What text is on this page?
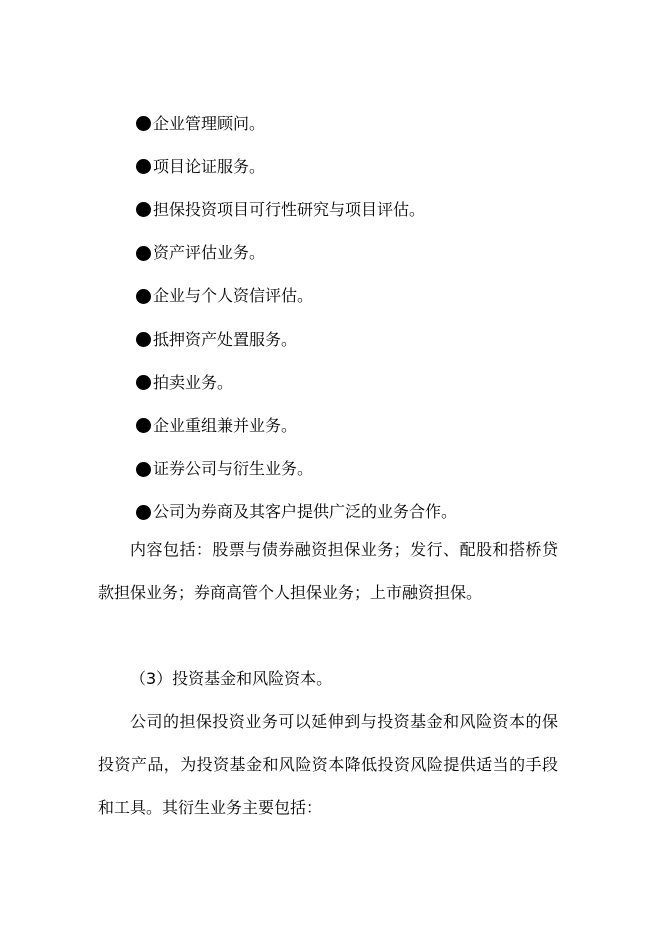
企业管理顾问。
项目论证服务。
担保投资项目可行性研究与项目评估。
资产评估业务。
企业与个人资信评估。
抵押资产处置服务。
拍卖业务。
企业重组兼并业务。
证券公司与衍生业务。
公司为券商及其客户提供广泛的业务合作。

内容包括：股票与债券融资担保业务；发行、配股和搭桥贷款担保业务；券商高管个人担保业务；上市融资担保。

（3）投资基金和风险资本。

公司的担保投资业务可以延伸到与投资基金和风险资本的保投资产品，为投资基金和风险资本降低投资风险提供适当的手段和工具。其衍生业务主要包括：
